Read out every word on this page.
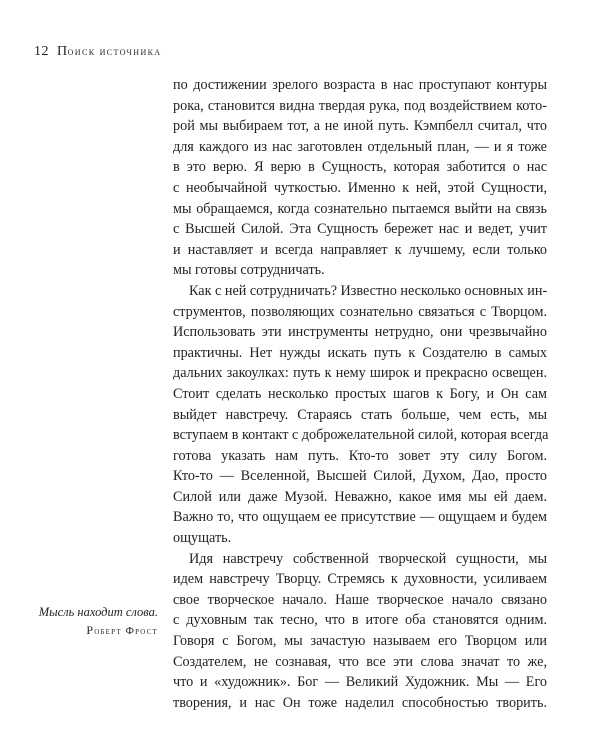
12 Поиск источника
по достижении зрелого возраста в нас проступают контуры
рока, становится видна твердая рука, под воздействием кото-
рой мы выбираем тот, а не иной путь. Кэмпбелл считал, что
для каждого из нас заготовлен отдельный план, — и я тоже
в это верю. Я верю в Сущность, которая заботится о нас
с необычайной чуткостью. Именно к ней, этой Сущности,
мы обращаемся, когда сознательно пытаемся выйти на связь
с Высшей Силой. Эта Сущность бережет нас и ведет, учит
и наставляет и всегда направляет к лучшему, если только
мы готовы сотрудничать.
Как с ней сотрудничать? Известно несколько основных ин-
струментов, позволяющих сознательно связаться с Творцом.
Использовать эти инструменты нетрудно, они чрезвычайно
практичны. Нет нужды искать путь к Создателю в самых
дальних закоулках: путь к нему широк и прекрасно освещен.
Стоит сделать несколько простых шагов к Богу, и Он сам
выйдет навстречу. Стараясь стать больше, чем есть, мы
вступаем в контакт с доброжелательной силой, которая всегда
готова указать нам путь. Кто-то зовет эту силу Богом.
Кто-то — Вселенной, Высшей Силой, Духом, Дао, просто
Силой или даже Музой. Неважно, какое имя мы ей даем.
Важно то, что ощущаем ее присутствие — ощущаем и будем
ощущать.
Идя навстречу собственной творческой сущности, мы
идем навстречу Творцу. Стремясь к духовности, усиливаем
свое творческое начало. Наше творческое начало связано
с духовным так тесно, что в итоге оба становятся одним.
Говоря с Богом, мы зачастую называем его Творцом или
Создателем, не сознавая, что все эти слова значат то же,
что и «художник». Бог — Великий Художник. Мы — Его
творения, и нас Он тоже наделил способностью творить.
Мысль находит слова.
Роберт Фрост
